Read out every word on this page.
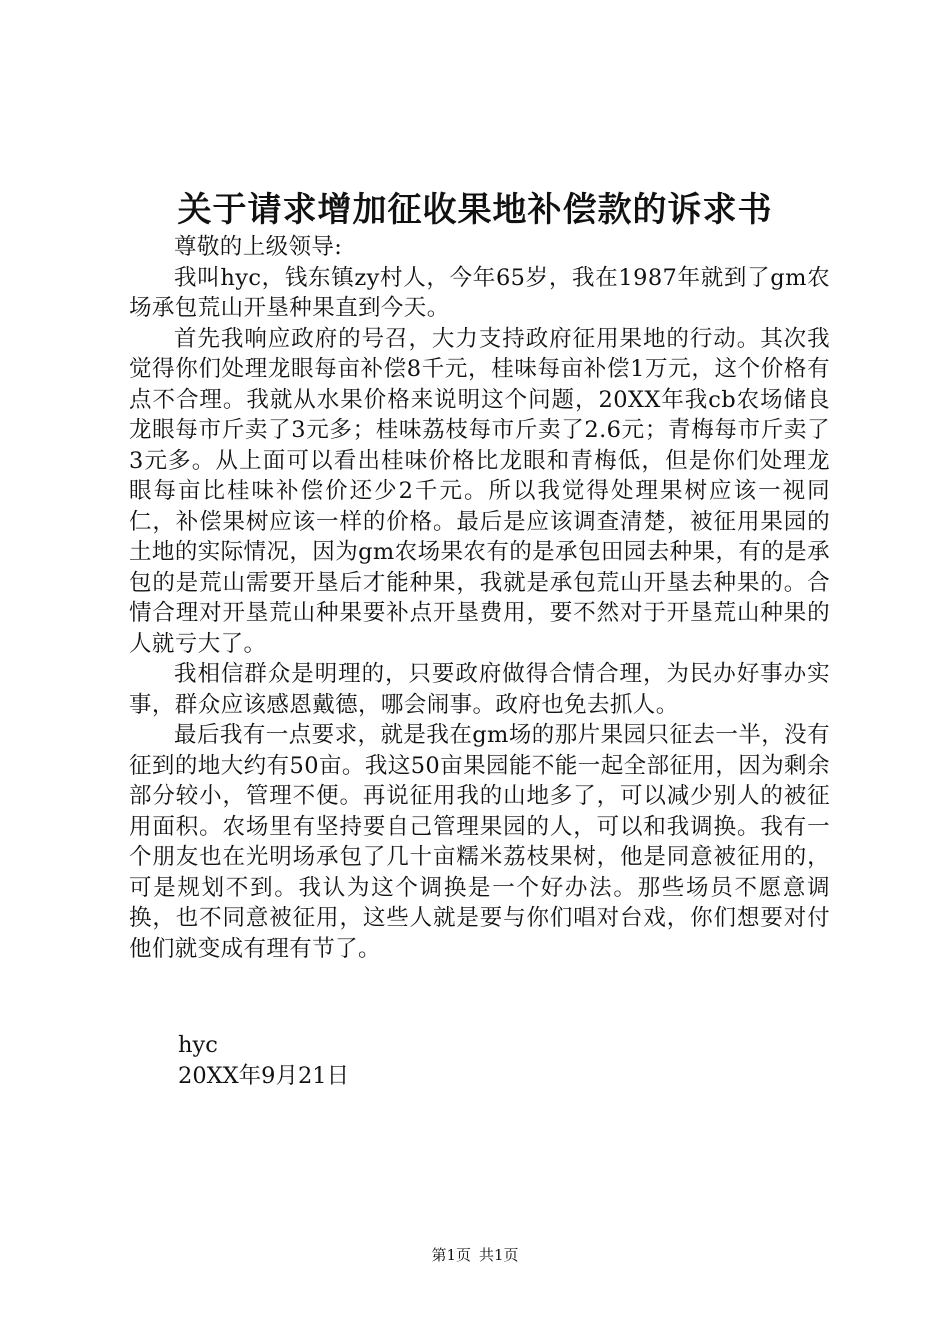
关于请求增加征收果地补偿款的诉求书

尊敬的上级领导:

我叫hyc，钱东镇zy村人，今年65岁，我在1987年就到了gm农场承包荒山开垦种果直到今天。

首先我响应政府的号召，大力支持政府征用果地的行动。其次我觉得你们处理龙眼每亩补偿8千元，桂味每亩补偿1万元，这个价格有点不合理。我就从水果价格来说明这个问题，20XX年我cb农场储良龙眼每市斤卖了3元多；桂味荔枝每市斤卖了2.6元；青梅每市斤卖了3元多。从上面可以看出桂味价格比龙眼和青梅低，但是你们处理龙眼每亩比桂味补偿价还少2千元。所以我觉得处理果树应该一视同仁，补偿果树应该一样的价格。最后是应该调查清楚，被征用果园的土地的实际情况，因为gm农场果农有的是承包田园去种果，有的是承包的是荒山需要开垦后才能种果，我就是承包荒山开垦去种果的。合情合理对开垦荒山种果要补点开垦费用，要不然对于开垦荒山种果的人就亏大了。

我相信群众是明理的，只要政府做得合情合理，为民办好事办实事，群众应该感恩戴德，哪会闹事。政府也免去抓人。

最后我有一点要求，就是我在gm场的那片果园只征去一半，没有征到的地大约有50亩。我这50亩果园能不能一起全部征用，因为剩余部分较小，管理不便。再说征用我的山地多了，可以减少别人的被征用面积。农场里有坚持要自己管理果园的人，可以和我调换。我有一个朋友也在光明场承包了几十亩糯米荔枝果树，他是同意被征用的，可是规划不到。我认为这个调换是一个好办法。那些场员不愿意调换，也不同意被征用，这些人就是要与你们唱对台戏，你们想要对付他们就变成有理有节了。

hyc
20XX年9月21日
第1页 共1页
